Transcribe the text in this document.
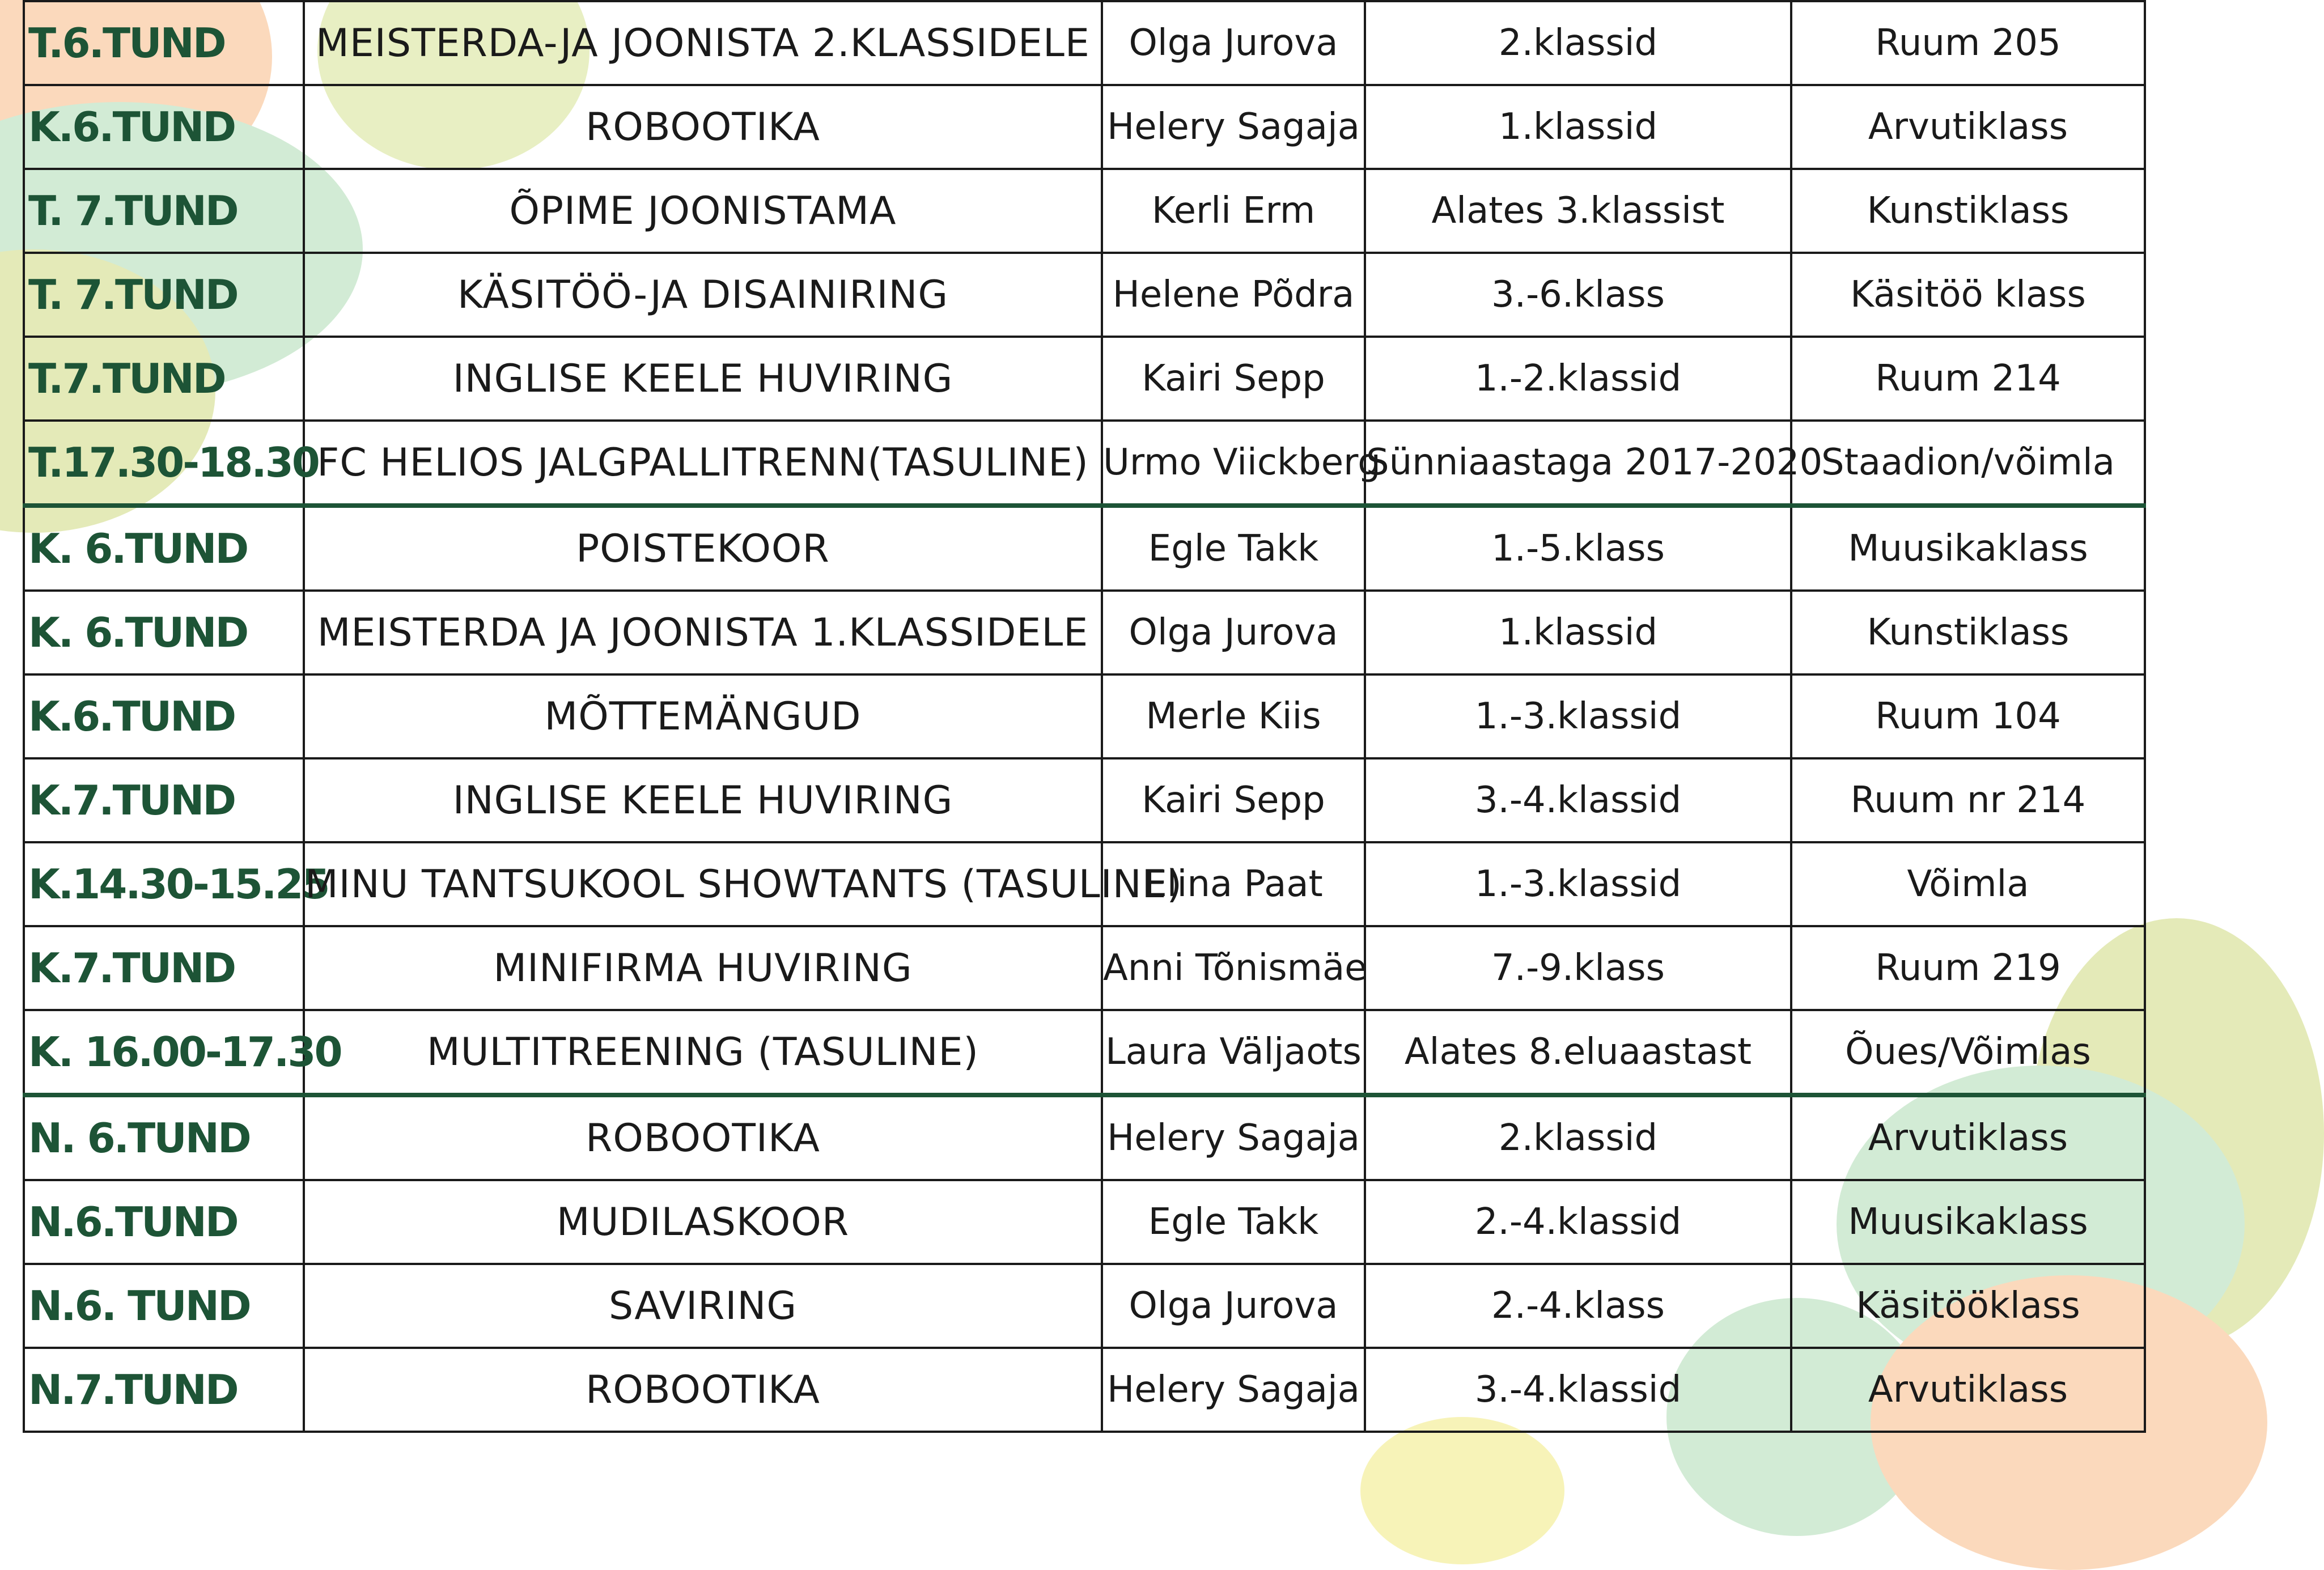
T.6.TUND	MEISTERDA-JA JOONISTA 2.KLASSIDELE	Olga Jurova	2.klassid	Ruum 205
K.6.TUND	ROBOOTIKA	Helery Sagaja	1.klassid	Arvutiklass
T. 7.TUND	ÕPIME JOONISTAMA	Kerli Erm	Alates 3.klassist	Kunstiklass
T. 7.TUND	KÄSITÖÖ-JA DISAINIRING	Helene Põdra	3.-6.klass	Käsitöö klass
T.7.TUND	INGLISE KEELE HUVIRING	Kairi Sepp	1.-2.klassid	Ruum 214
T.17.30-18.30	FC HELIOS JALGPALLITRENN(TASULINE)	Urmo Viickberg	Sünniaastaga 2017-2020	Staadion/võimla
K. 6.TUND	POISTEKOOR	Egle Takk	1.-5.klass	Muusikaklass
K. 6.TUND	MEISTERDA JA JOONISTA 1.KLASSIDELE	Olga Jurova	1.klassid	Kunstiklass
K.6.TUND	MÕTTEMÄNGUD	Merle Kiis	1.-3.klassid	Ruum 104
K.7.TUND	INGLISE KEELE HUVIRING	Kairi Sepp	3.-4.klassid	Ruum nr 214
K.14.30-15.25	MINU TANTSUKOOL SHOWTANTS (TASULINE)	Elina Paat	1.-3.klassid	Võimla
K.7.TUND	MINIFIRMA HUVIRING	Anni Tõnismäe	7.-9.klass	Ruum 219
K. 16.00-17.30	MULTITREENING (TASULINE)	Laura Väljaots	Alates 8.eluaastast	Õues/Võimlas
N. 6.TUND	ROBOOTIKA	Helery Sagaja	2.klassid	Arvutiklass
N.6.TUND	MUDILASKOOR	Egle Takk	2.-4.klassid	Muusikaklass
N.6. TUND	SAVIRING	Olga Jurova	2.-4.klass	Käsitööklass
N.7.TUND	ROBOOTIKA	Helery Sagaja	3.-4.klassid	Arvutiklass
